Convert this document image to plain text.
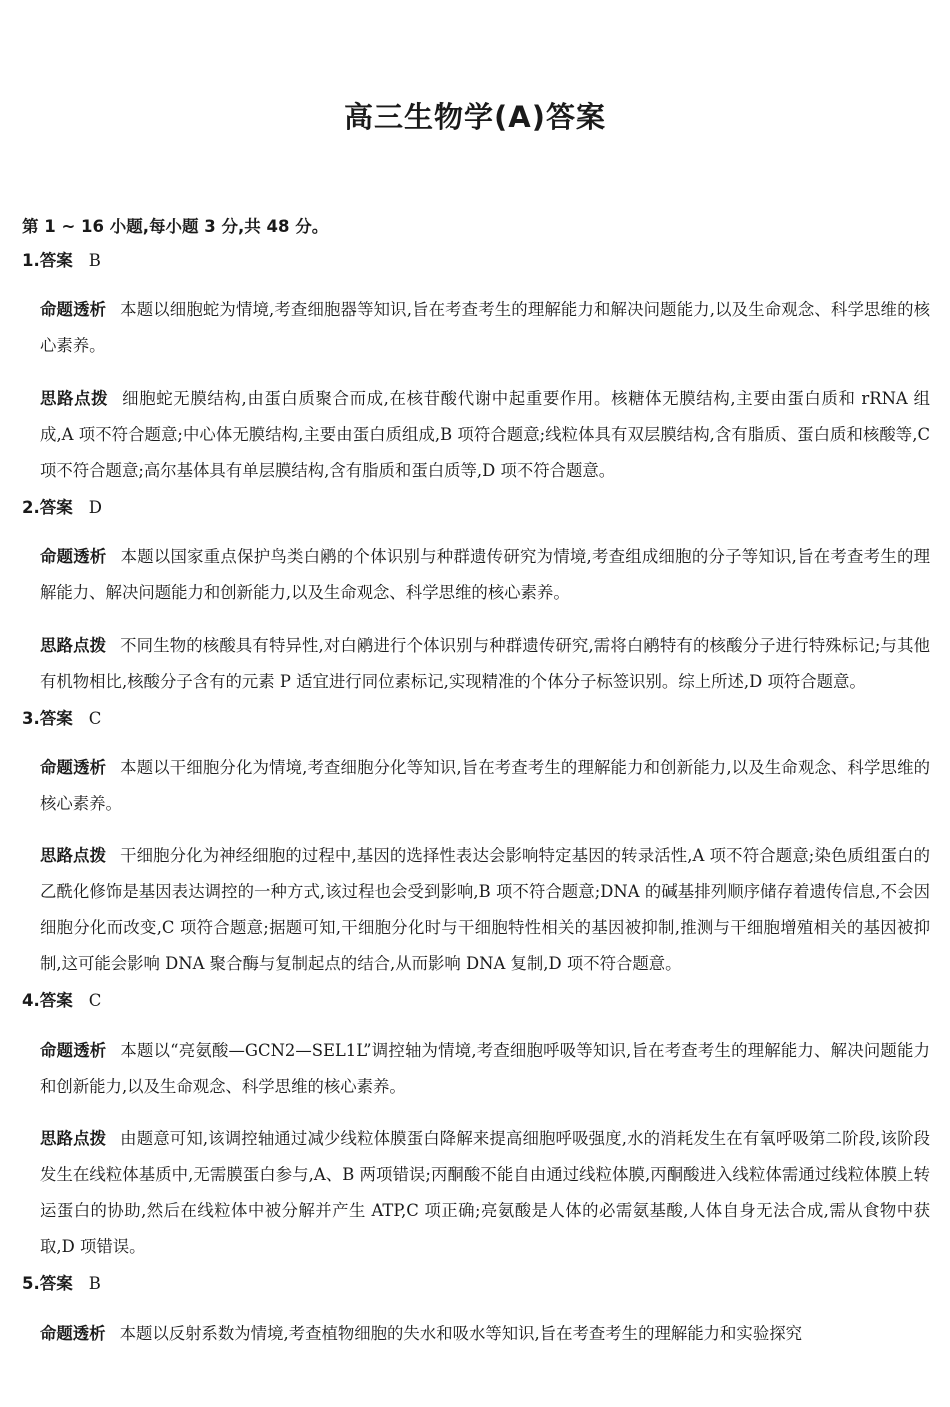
高三生物学(A)答案
第 1 ~ 16 小题,每小题 3 分,共 48 分。
1.答案 B

命题透析 本题以细胞蛇为情境,考查细胞器等知识,旨在考查考生的理解能力和解决问题能力,以及生命观念、科学思维的核心素养。

思路点拨 细胞蛇无膜结构,由蛋白质聚合而成,在核苷酸代谢中起重要作用。核糖体无膜结构,主要由蛋白质和 rRNA 组成,A 项不符合题意;中心体无膜结构,主要由蛋白质组成,B 项符合题意;线粒体具有双层膜结构,含有脂质、蛋白质和核酸等,C 项不符合题意;高尔基体具有单层膜结构,含有脂质和蛋白质等,D 项不符合题意。

2.答案 D

命题透析 本题以国家重点保护鸟类白鹇的个体识别与种群遗传研究为情境,考查组成细胞的分子等知识,旨在考查考生的理解能力、解决问题能力和创新能力,以及生命观念、科学思维的核心素养。

思路点拨 不同生物的核酸具有特异性,对白鹇进行个体识别与种群遗传研究,需将白鹇特有的核酸分子进行特殊标记;与其他有机物相比,核酸分子含有的元素 P 适宜进行同位素标记,实现精准的个体分子标签识别。综上所述,D 项符合题意。

3.答案 C

命题透析 本题以干细胞分化为情境,考查细胞分化等知识,旨在考查考生的理解能力和创新能力,以及生命观念、科学思维的核心素养。

思路点拨 干细胞分化为神经细胞的过程中,基因的选择性表达会影响特定基因的转录活性,A 项不符合题意;染色质组蛋白的乙酰化修饰是基因表达调控的一种方式,该过程也会受到影响,B 项不符合题意;DNA 的碱基排列顺序储存着遗传信息,不会因细胞分化而改变,C 项符合题意;据题可知,干细胞分化时与干细胞特性相关的基因被抑制,推测与干细胞增殖相关的基因被抑制,这可能会影响 DNA 聚合酶与复制起点的结合,从而影响 DNA 复制,D 项不符合题意。

4.答案 C

命题透析 本题以“亮氨酸—GCN2—SEL1L”调控轴为情境,考查细胞呼吸等知识,旨在考查考生的理解能力、解决问题能力和创新能力,以及生命观念、科学思维的核心素养。

思路点拨 由题意可知,该调控轴通过减少线粒体膜蛋白降解来提高细胞呼吸强度,水的消耗发生在有氧呼吸第二阶段,该阶段发生在线粒体基质中,无需膜蛋白参与,A、B 两项错误;丙酮酸不能自由通过线粒体膜,丙酮酸进入线粒体需通过线粒体膜上转运蛋白的协助,然后在线粒体中被分解并产生 ATP,C 项正确;亮氨酸是人体的必需氨基酸,人体自身无法合成,需从食物中获取,D 项错误。

5.答案 B

命题透析 本题以反射系数为情境,考查植物细胞的失水和吸水等知识,旨在考查考生的理解能力和实验探究
